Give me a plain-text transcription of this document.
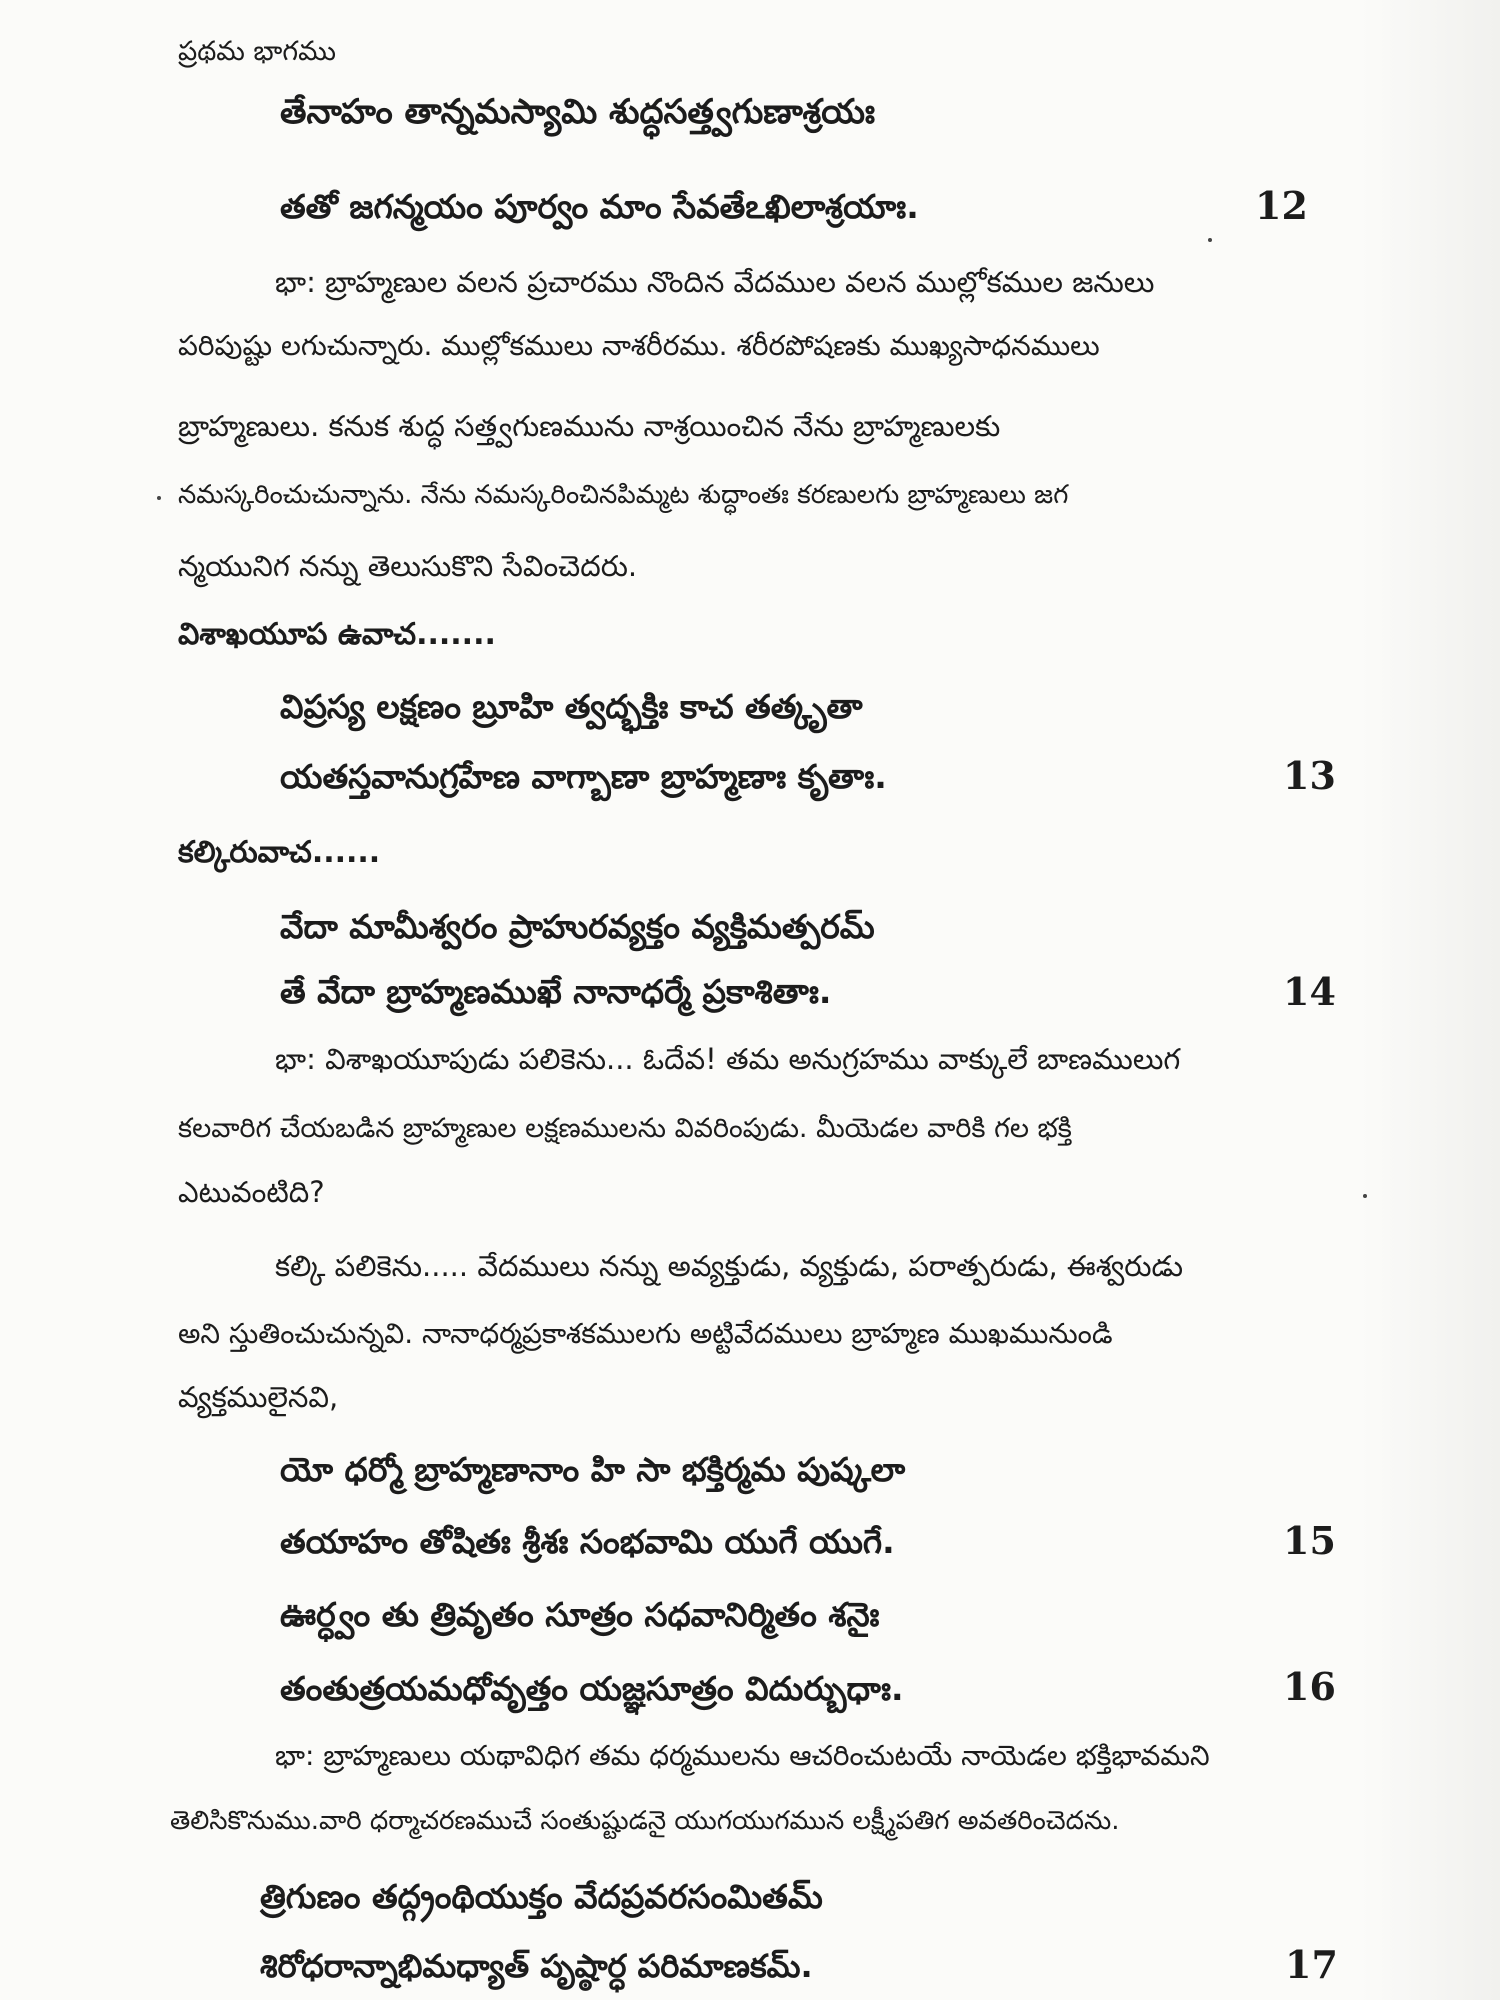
ప్రథమ భాగము
తేనాహం తాన్నమస్యామి శుద్ధసత్త్వగుణాశ్రయః
తతో జగన్మయం పూర్వం మాం సేవతేఽఖిలాశ్రయాః.	12
భా: బ్రాహ్మణుల వలన ప్రచారము నొందిన వేదముల వలన ముల్లోకముల జనులు
పరిపుష్టు లగుచున్నారు. ముల్లోకములు నాశరీరము. శరీరపోషణకు ముఖ్యసాధనములు
బ్రాహ్మణులు. కనుక శుద్ధ సత్త్వగుణమును నాశ్రయించిన నేను బ్రాహ్మణులకు
నమస్కరించుచున్నాను. నేను నమస్కరించినపిమ్మట శుద్ధాంతః కరణులగు బ్రాహ్మణులు జగ
న్మయునిగ నన్ను తెలుసుకొని సేవించెదరు.
విశాఖయూప ఉవాచ.......
విప్రస్య లక్షణం బ్రూహి త్వద్భక్తిః కాచ తత్కృతా
యతస్తవానుగ్రహేణ వాగ్బాణా బ్రాహ్మణాః కృతాః.	13
కల్కిరువాచ......
వేదా మామీశ్వరం ప్రాహురవ్యక్తం వ్యక్తిమత్పరమ్
తే వేదా బ్రాహ్మణముఖే నానాధర్మే ప్రకాశితాః.	14
భా: విశాఖయూపుడు పలికెను... ఓదేవ! తమ అనుగ్రహము వాక్కులే బాణములుగ
కలవారిగ చేయబడిన బ్రాహ్మణుల లక్షణములను వివరింపుడు. మీయెడల వారికి గల భక్తి
ఎటువంటిది?
కల్కి పలికెను..... వేదములు నన్ను అవ్యక్తుడు, వ్యక్తుడు, పరాత్పరుడు, ఈశ్వరుడు
అని స్తుతించుచున్నవి. నానాధర్మప్రకాశకములగు అట్టివేదములు బ్రాహ్మణ ముఖమునుండి
వ్యక్తములైనవి,
యో ధర్మో బ్రాహ్మణానాం హి సా భక్తిర్మమ పుష్కలా
తయాహం తోషితః శ్రీశః సంభవామి యుగే యుగే.	15
ఊర్ధ్వం తు త్రివృతం సూత్రం సధవానిర్మితం శనైః
తంతుత్రయమధోవృత్తం యజ్ఞసూత్రం విదుర్బుధాః.	16
భా: బ్రాహ్మణులు యథావిధిగ తమ ధర్మములను ఆచరించుటయే నాయెడల భక్తిభావమని
తెలిసికొనుము.వారి ధర్మాచరణముచే సంతుష్టుడనై యుగయుగమున లక్ష్మీపతిగ అవతరించెదను.
త్రిగుణం తద్గ్రంథియుక్తం వేదప్రవరసంమితమ్
శిరోధరాన్నాభిమధ్యాత్ పృష్ఠార్ధ పరిమాణకమ్.	17
